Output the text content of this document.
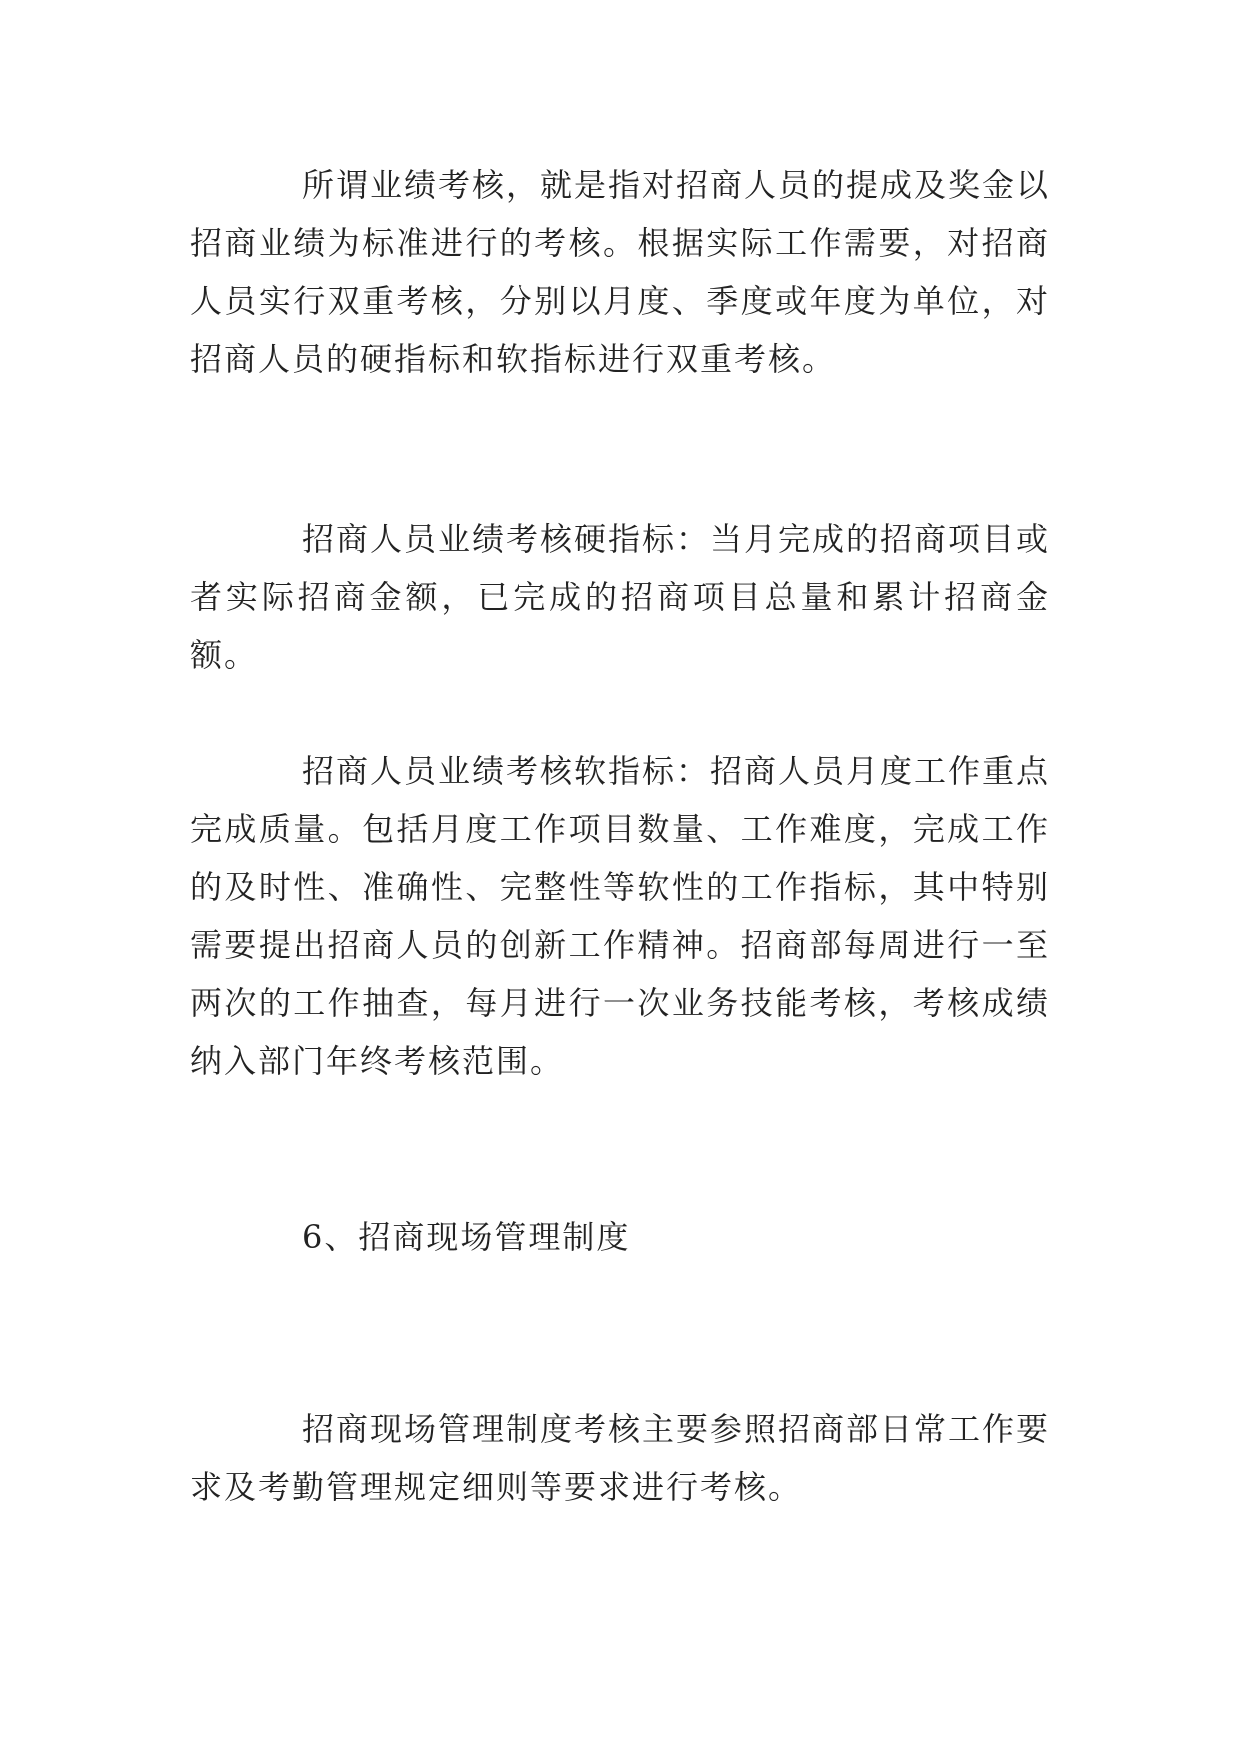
所谓业绩考核，就是指对招商人员的提成及奖金以招商业绩为标准进行的考核。根据实际工作需要，对招商人员实行双重考核，分别以月度、季度或年度为单位，对招商人员的硬指标和软指标进行双重考核。

招商人员业绩考核硬指标：当月完成的招商项目或者实际招商金额，已完成的招商项目总量和累计招商金额。

招商人员业绩考核软指标：招商人员月度工作重点完成质量。包括月度工作项目数量、工作难度，完成工作的及时性、准确性、完整性等软性的工作指标，其中特别需要提出招商人员的创新工作精神。招商部每周进行一至两次的工作抽查，每月进行一次业务技能考核，考核成绩纳入部门年终考核范围。

6、招商现场管理制度

招商现场管理制度考核主要参照招商部日常工作要求及考勤管理规定细则等要求进行考核。
